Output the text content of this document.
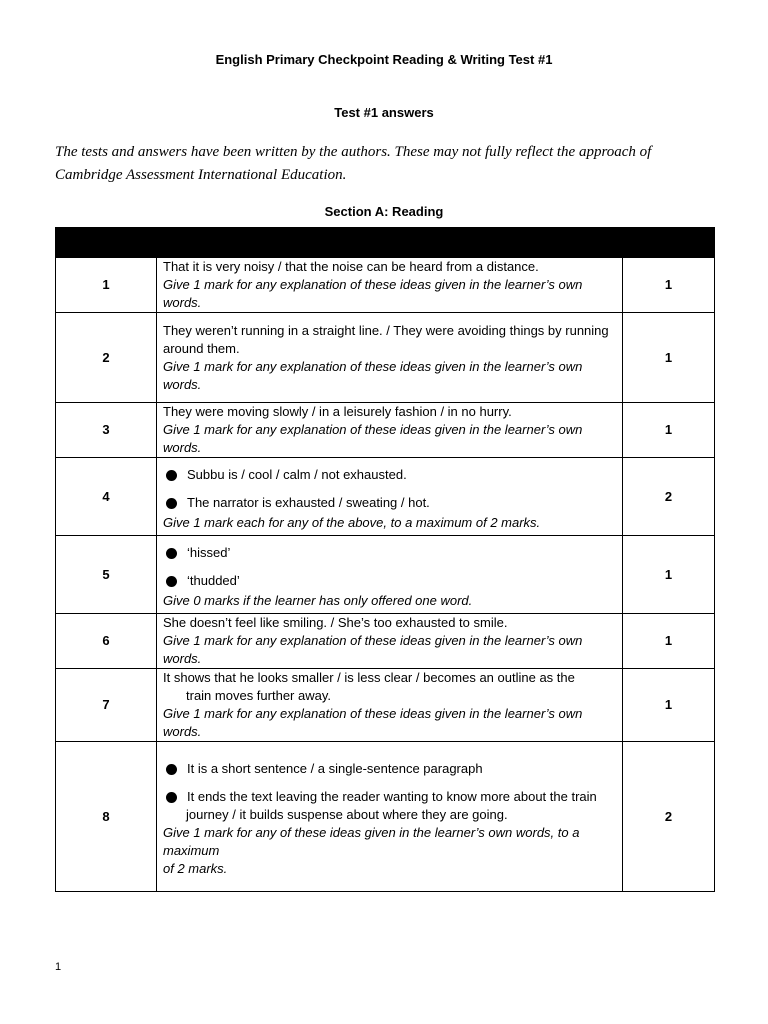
English Primary Checkpoint Reading & Writing Test #1
Test #1 answers
The tests and answers have been written by the authors. These may not fully reflect the approach of Cambridge Assessment International Education.
Section A: Reading

1	That it is very noisy / that the noise can be heard from a distance.
Give 1 mark for any explanation of these ideas given in the learner’s own words.	1
2	They weren’t running in a straight line. / They were avoiding things by running
around them.
Give 1 mark for any explanation of these ideas given in the learner’s own words.	1
3	They were moving slowly / in a leisurely fashion / in no hurry.
Give 1 mark for any explanation of these ideas given in the learner’s own words.	1
4	Subbu is / cool / calm / not exhausted.
The narrator is exhausted / sweating / hot.
Give 1 mark each for any of the above, to a maximum of 2 marks.	2
5	‘hissed’
‘thudded’
Give 0 marks if the learner has only offered one word.	1
6	She doesn’t feel like smiling. / She’s too exhausted to smile.
Give 1 mark for any explanation of these ideas given in the learner’s own words.	1
7	It shows that he looks smaller / is less clear / becomes an outline as the
train moves further away.
Give 1 mark for any explanation of these ideas given in the learner’s own words.	1
8	It is a short sentence / a single-sentence paragraph
It ends the text leaving the reader wanting to know more about the train
journey / it builds suspense about where they are going.
Give 1 mark for any of these ideas given in the learner’s own words, to a maximum
of 2 marks.	2
1
